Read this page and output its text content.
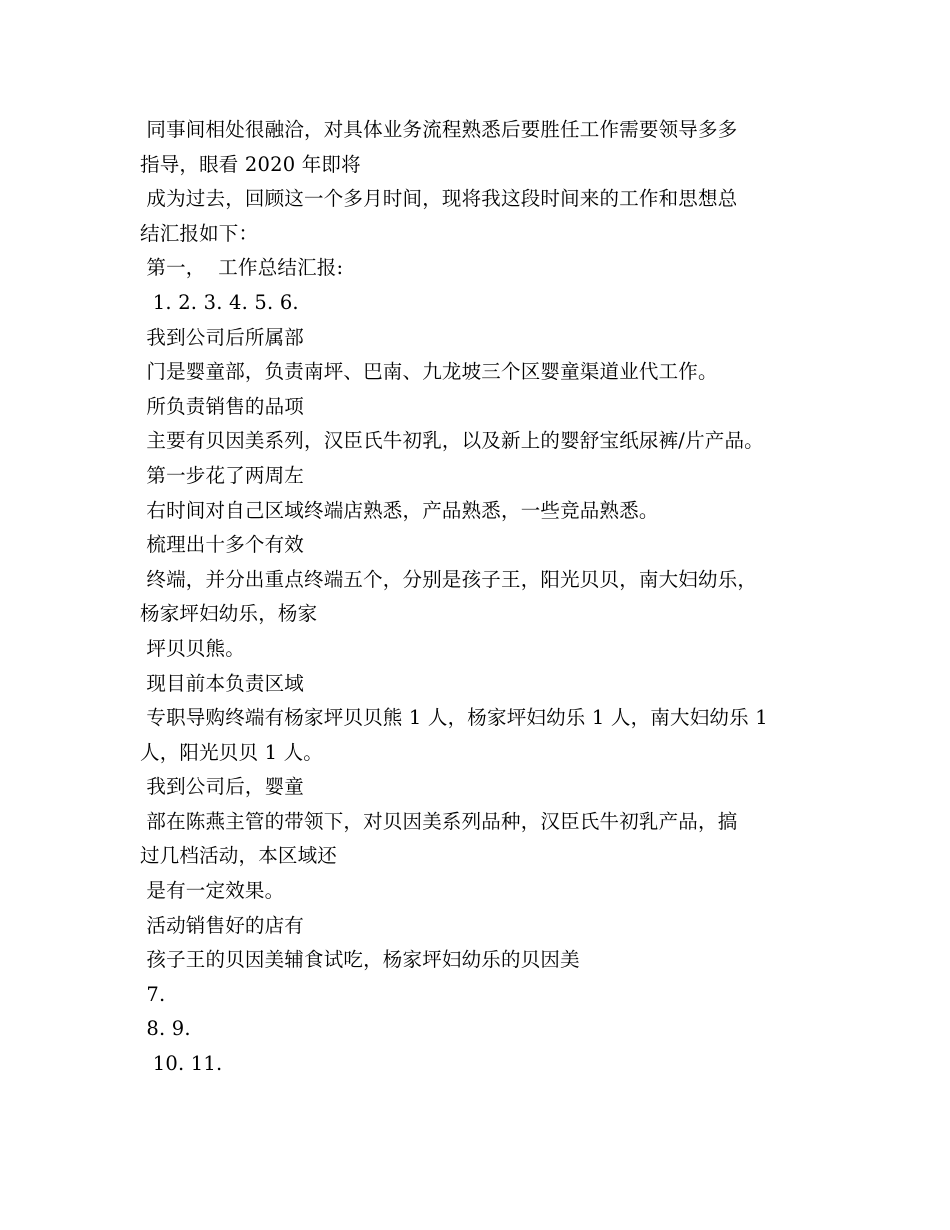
同事间相处很融洽，对具体业务流程熟悉后要胜任工作需要领导多多
指导，眼看 2020 年即将
成为过去，回顾这一个多月时间，现将我这段时间来的工作和思想总
结汇报如下：
第一，  工作总结汇报:
1. 2. 3. 4. 5. 6.
我到公司后所属部
门是婴童部，负责南坪、巴南、九龙坡三个区婴童渠道业代工作。
所负责销售的品项
主要有贝因美系列，汉臣氏牛初乳，以及新上的婴舒宝纸尿裤/片产品。
第一步花了两周左
右时间对自己区域终端店熟悉，产品熟悉，一些竞品熟悉。
梳理出十多个有效
终端，并分出重点终端五个，分别是孩子王，阳光贝贝，南大妇幼乐，
杨家坪妇幼乐，杨家
坪贝贝熊。
现目前本负责区域
专职导购终端有杨家坪贝贝熊 1 人，杨家坪妇幼乐 1 人，南大妇幼乐 1
人，阳光贝贝 1 人。
我到公司后，婴童
部在陈燕主管的带领下，对贝因美系列品种，汉臣氏牛初乳产品，搞
过几档活动，本区域还
是有一定效果。
活动销售好的店有
孩子王的贝因美辅食试吃，杨家坪妇幼乐的贝因美
7.
8. 9.
10. 11.
